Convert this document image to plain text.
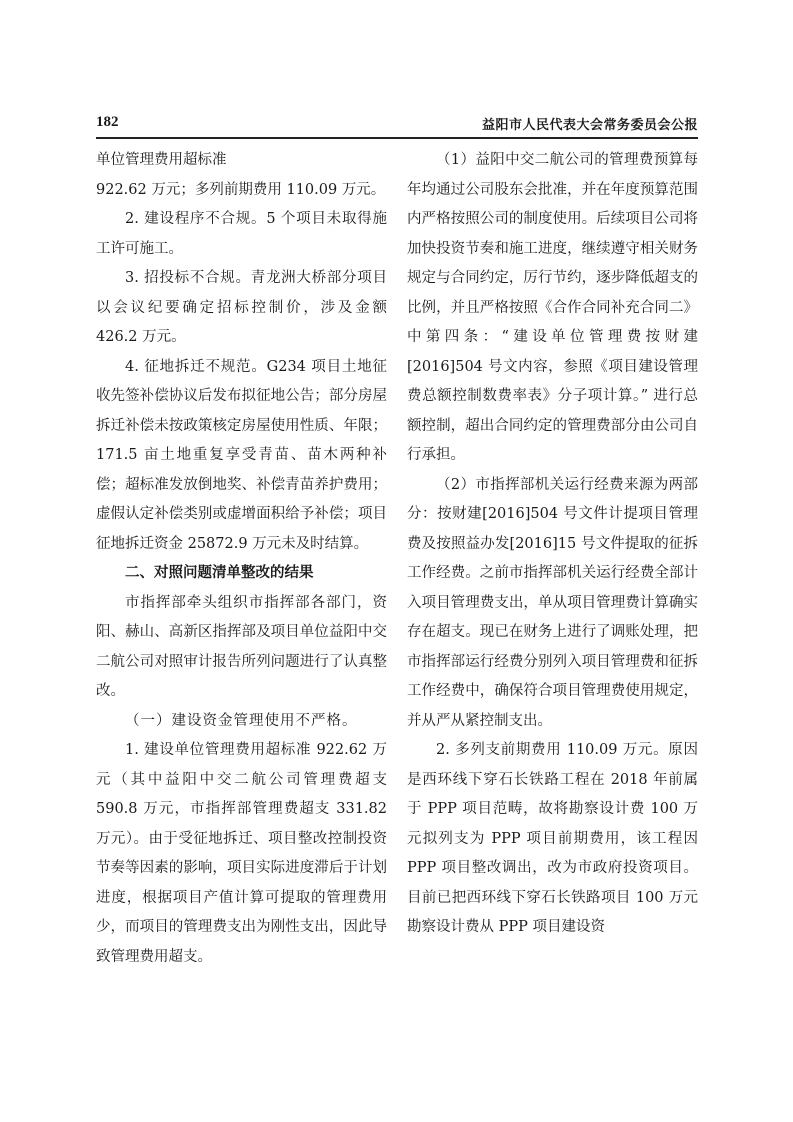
182	益阳市人民代表大会常务委员会公报

单位管理费用超标准

922.62 万元；多列前期费用 110.09 万元。

2. 建设程序不合规。5 个项目未取得施工许可施工。

3. 招投标不合规。青龙洲大桥部分项目以会议纪要确定招标控制价，涉及金额 426.2 万元。

4. 征地拆迁不规范。G234 项目土地征收先签补偿协议后发布拟征地公告；部分房屋拆迁补偿未按政策核定房屋使用性质、年限；171.5 亩土地重复享受青苗、苗木两种补偿；超标准发放倒地奖、补偿青苗养护费用；虚假认定补偿类别或虚增面积给予补偿；项目征地拆迁资金 25872.9 万元未及时结算。

二、对照问题清单整改的结果

市指挥部牵头组织市指挥部各部门，资阳、赫山、高新区指挥部及项目单位益阳中交二航公司对照审计报告所列问题进行了认真整改。

（一）建设资金管理使用不严格。

1. 建设单位管理费用超标准 922.62 万元（其中益阳中交二航公司管理费超支 590.8 万元，市指挥部管理费超支 331.82 万元）。由于受征地拆迁、项目整改控制投资节奏等因素的影响，项目实际进度滞后于计划进度，根据项目产值计算可提取的管理费用少，而项目的管理费支出为刚性支出，因此导致管理费用超支。

（1）益阳中交二航公司的管理费预算每年均通过公司股东会批准，并在年度预算范围内严格按照公司的制度使用。后续项目公司将加快投资节奏和施工进度，继续遵守相关财务规定与合同约定，厉行节约，逐步降低超支的比例，并且严格按照《合作合同补充合同二》中第四条：“建设单位管理费按财建[2016]504 号文内容，参照《项目建设管理费总额控制数费率表》分子项计算。” 进行总额控制，超出合同约定的管理费部分由公司自行承担。

（2）市指挥部机关运行经费来源为两部分：按财建[2016]504 号文件计提项目管理费及按照益办发[2016]15 号文件提取的征拆工作经费。之前市指挥部机关运行经费全部计入项目管理费支出，单从项目管理费计算确实存在超支。现已在财务上进行了调账处理，把市指挥部运行经费分别列入项目管理费和征拆工作经费中，确保符合项目管理费使用规定，并从严从紧控制支出。

2. 多列支前期费用 110.09 万元。原因是西环线下穿石长铁路工程在 2018 年前属于 PPP 项目范畴，故将勘察设计费 100 万元拟列支为 PPP 项目前期费用，该工程因 PPP 项目整改调出，改为市政府投资项目。目前已把西环线下穿石长铁路项目 100 万元勘察设计费从 PPP 项目建设资
